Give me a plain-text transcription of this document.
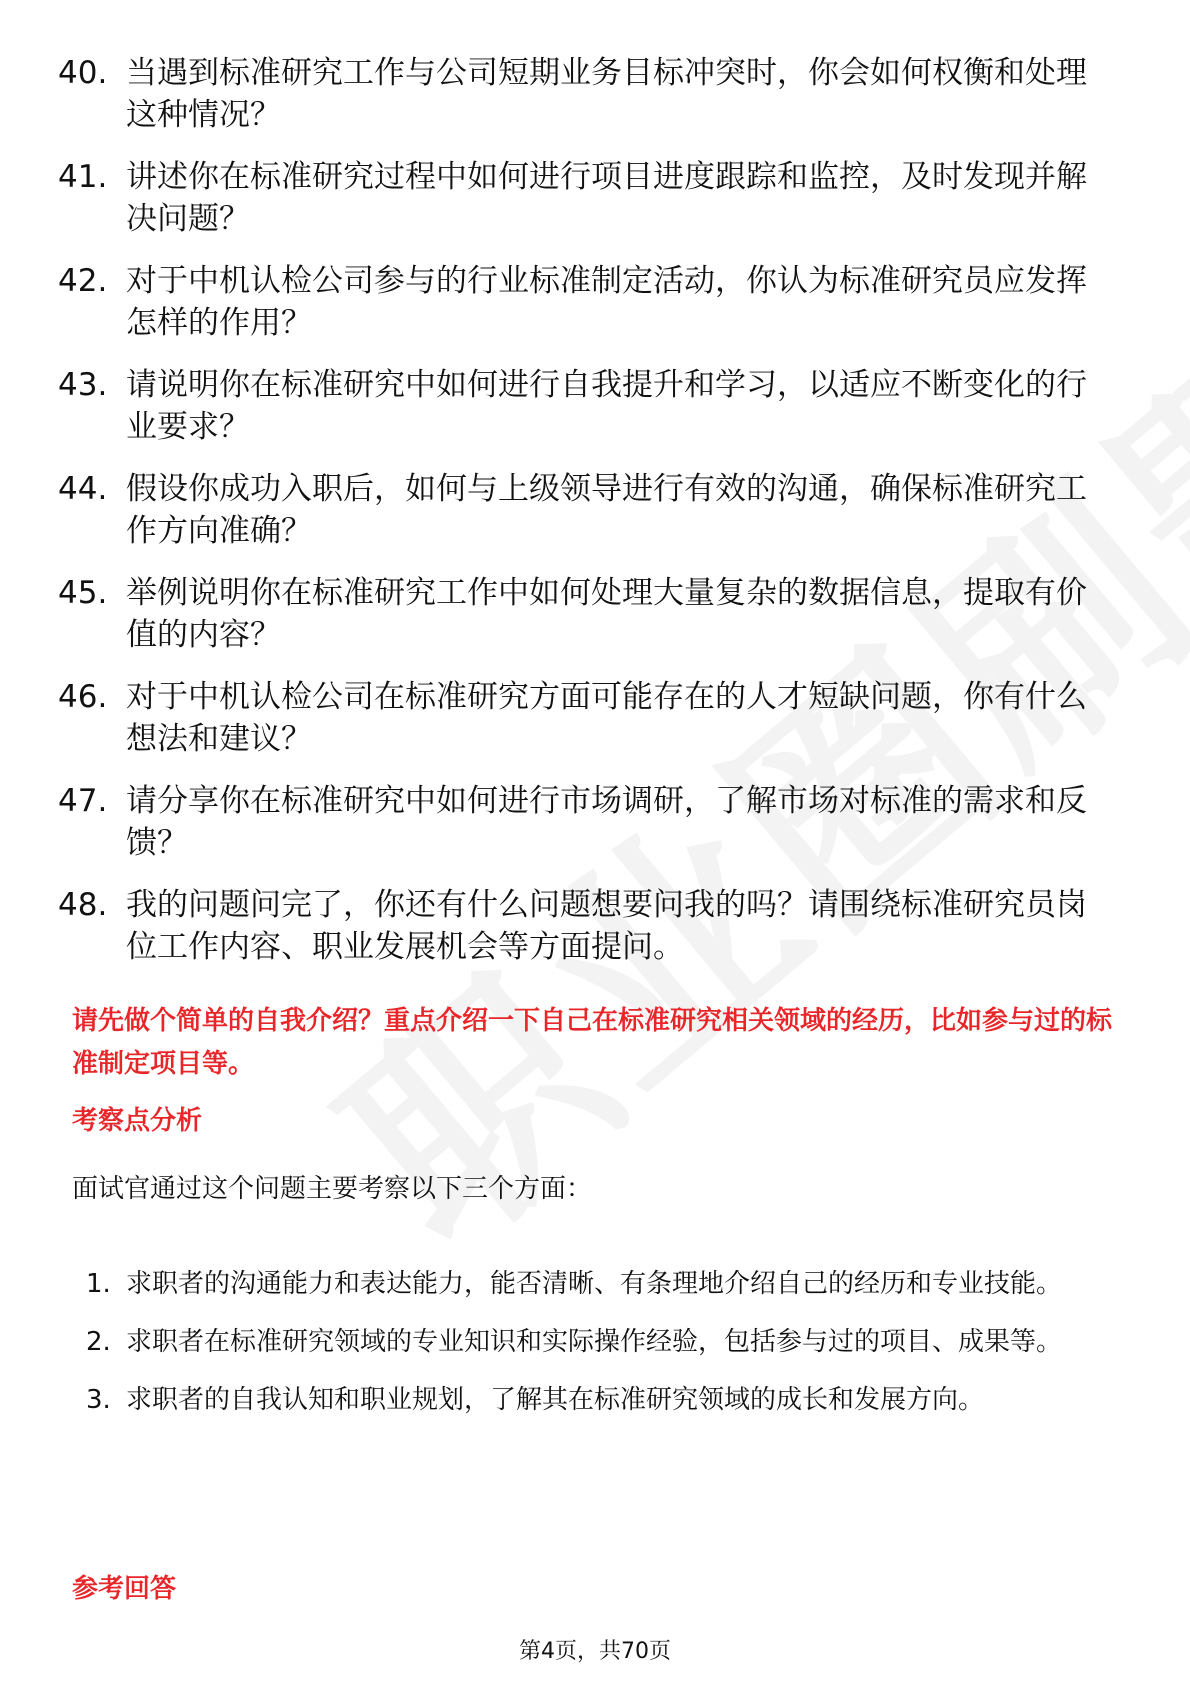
40. 当遇到标准研究工作与公司短期业务目标冲突时，你会如何权衡和处理这种情况？
41. 讲述你在标准研究过程中如何进行项目进度跟踪和监控，及时发现并解决问题？
42. 对于中机认检公司参与的行业标准制定活动，你认为标准研究员应发挥怎样的作用？
43. 请说明你在标准研究中如何进行自我提升和学习，以适应不断变化的行业要求？
44. 假设你成功入职后，如何与上级领导进行有效的沟通，确保标准研究工作方向准确？
45. 举例说明你在标准研究工作中如何处理大量复杂的数据信息，提取有价值的内容？
46. 对于中机认检公司在标准研究方面可能存在的人才短缺问题，你有什么想法和建议？
47. 请分享你在标准研究中如何进行市场调研，了解市场对标准的需求和反馈？
48. 我的问题问完了，你还有什么问题想要问我的吗？请围绕标准研究员岗位工作内容、职业发展机会等方面提问。
请先做个简单的自我介绍？重点介绍一下自己在标准研究相关领域的经历，比如参与过的标准制定项目等。
考察点分析
面试官通过这个问题主要考察以下三个方面：
1. 求职者的沟通能力和表达能力，能否清晰、有条理地介绍自己的经历和专业技能。
2. 求职者在标准研究领域的专业知识和实际操作经验，包括参与过的项目、成果等。
3. 求职者的自我认知和职业规划，了解其在标准研究领域的成长和发展方向。
参考回答
第4页，共70页
